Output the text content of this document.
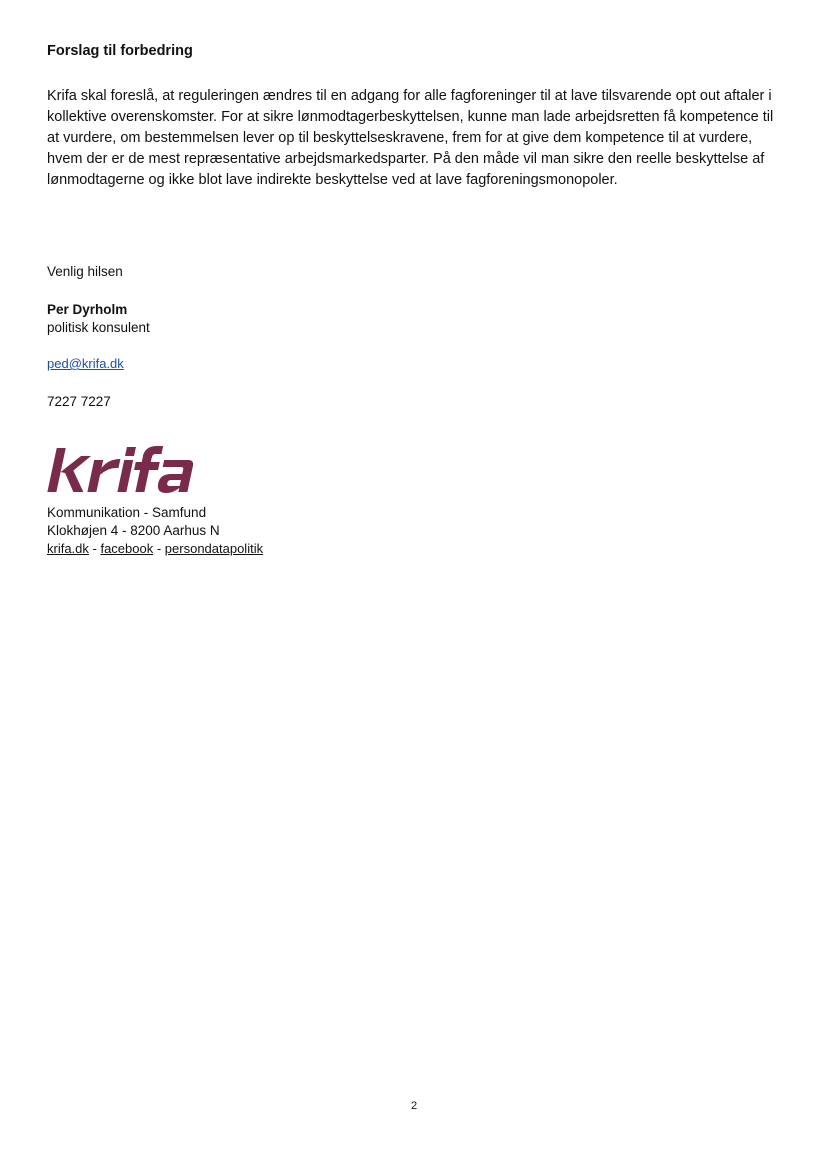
Forslag til forbedring

Krifa skal foreslå, at reguleringen ændres til en adgang for alle fagforeninger til at lave tilsvarende opt out aftaler i kollektive overenskomster. For at sikre lønmodtagerbeskyttelsen, kunne man lade arbejdsretten få kompetence til at vurdere, om bestemmelsen lever op til beskyttelseskravene, frem for at give dem kompetence til at vurdere, hvem der er de mest repræsentative arbejdsmarkedsparter. På den måde vil man sikre den reelle beskyttelse af lønmodtagerne og ikke blot lave indirekte beskyttelse ved at lave fagforeningsmonopoler.

Venlig hilsen

Per Dyrholm

politisk konsulent

ped@krifa.dk

7227 7227

Kommunikation - Samfund

Klokhøjen 4 - 8200 Aarhus N

krifa.dk - facebook - persondatapolitik

2
